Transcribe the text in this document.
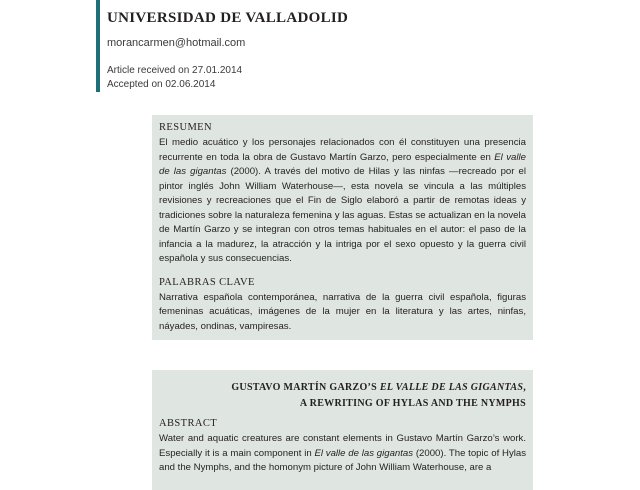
UNIVERSIDAD DE VALLADOLID
morancarmen@hotmail.com
Article received on 27.01.2014
Accepted on 02.06.2014
RESUMEN

El medio acuático y los personajes relacionados con él constituyen una presencia recurrente en toda la obra de Gustavo Martín Garzo, pero especialmente en El valle de las gigantas (2000). A través del motivo de Hilas y las ninfas —recreado por el pintor inglés John William Waterhouse—, esta novela se vincula a las múltiples revisiones y recreaciones que el Fin de Siglo elaboró a partir de remotas ideas y tradiciones sobre la naturaleza femenina y las aguas. Estas se actualizan en la novela de Martín Garzo y se integran con otros temas habituales en el autor: el paso de la infancia a la madurez, la atracción y la intriga por el sexo opuesto y la guerra civil española y sus consecuencias.

PALABRAS CLAVE

Narrativa española contemporánea, narrativa de la guerra civil española, figuras femeninas acuáticas, imágenes de la mujer en la literatura y las artes, ninfas, náyades, ondinas, vampiresas.

GUSTAVO MARTÍN GARZO’S EL VALLE DE LAS GIGANTAS,
A REWRITING OF HYLAS AND THE NYMPHS
ABSTRACT

Water and aquatic creatures are constant elements in Gustavo Martín Garzo’s work. Especially it is a main component in El valle de las gigantas (2000). The topic of Hylas and the Nymphs, and the homonym picture of John William Waterhouse, are a
